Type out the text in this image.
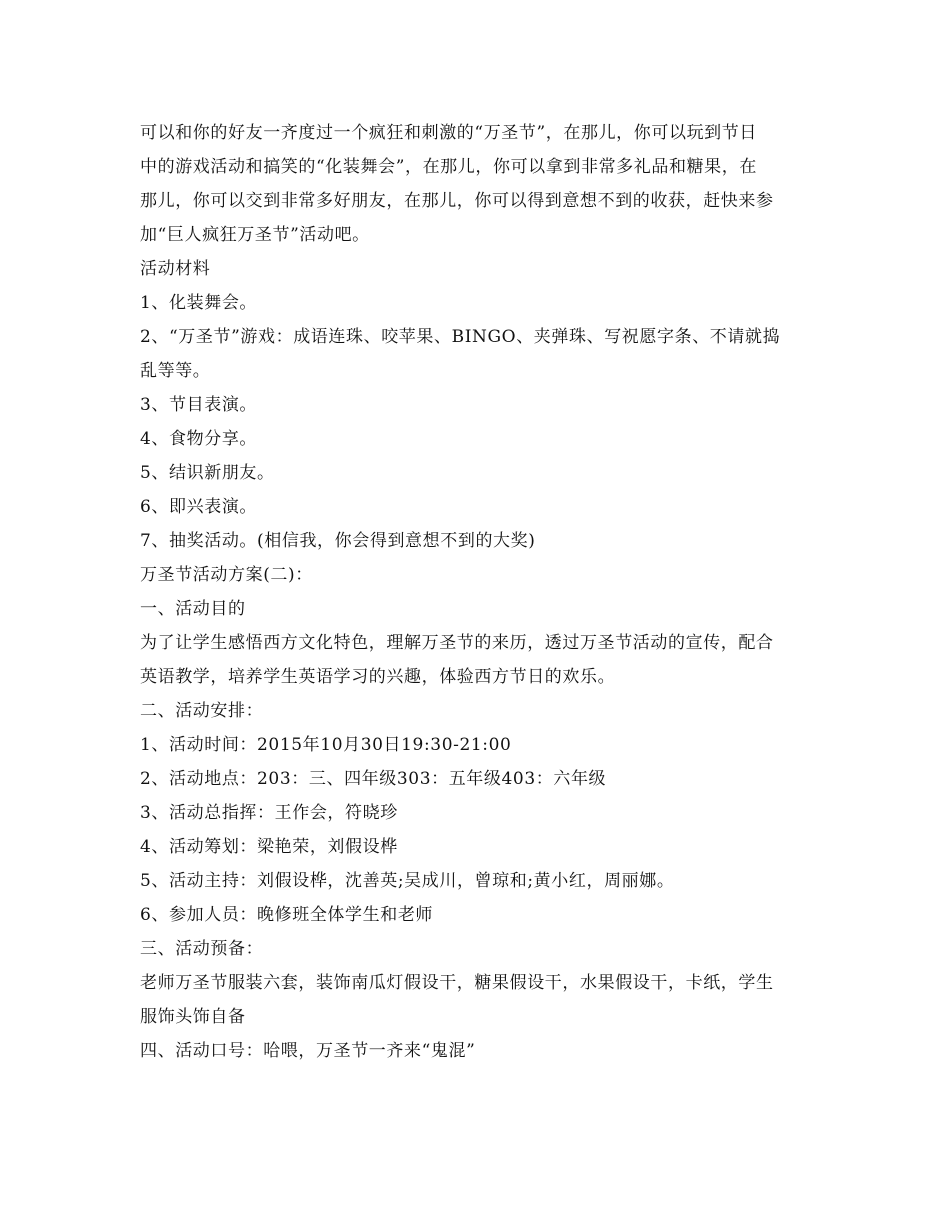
可以和你的好友一齐度过一个疯狂和刺激的“万圣节”，在那儿，你可以玩到节日
中的游戏活动和搞笑的“化装舞会”，在那儿，你可以拿到非常多礼品和糖果，在
那儿，你可以交到非常多好朋友，在那儿，你可以得到意想不到的收获，赶快来参
加“巨人疯狂万圣节”活动吧。
活动材料
1、化装舞会。
2、“万圣节”游戏：成语连珠、咬苹果、BINGO、夹弹珠、写祝愿字条、不请就捣
乱等等。
3、节目表演。
4、食物分享。
5、结识新朋友。
6、即兴表演。
7、抽奖活动。(相信我，你会得到意想不到的大奖)
万圣节活动方案(二)：
一、活动目的
为了让学生感悟西方文化特色，理解万圣节的来历，透过万圣节活动的宣传，配合
英语教学，培养学生英语学习的兴趣，体验西方节日的欢乐。
二、活动安排：
1、活动时间：2015年10月30日19:30-21:00
2、活动地点：203：三、四年级303：五年级403：六年级
3、活动总指挥：王作会，符晓珍
4、活动筹划：梁艳荣，刘假设桦
5、活动主持：刘假设桦，沈善英;吴成川，曾琼和;黄小红，周丽娜。
6、参加人员：晚修班全体学生和老师
三、活动预备：
老师万圣节服装六套，装饰南瓜灯假设干，糖果假设干，水果假设干，卡纸，学生
服饰头饰自备
四、活动口号：哈喂，万圣节一齐来“鬼混”
